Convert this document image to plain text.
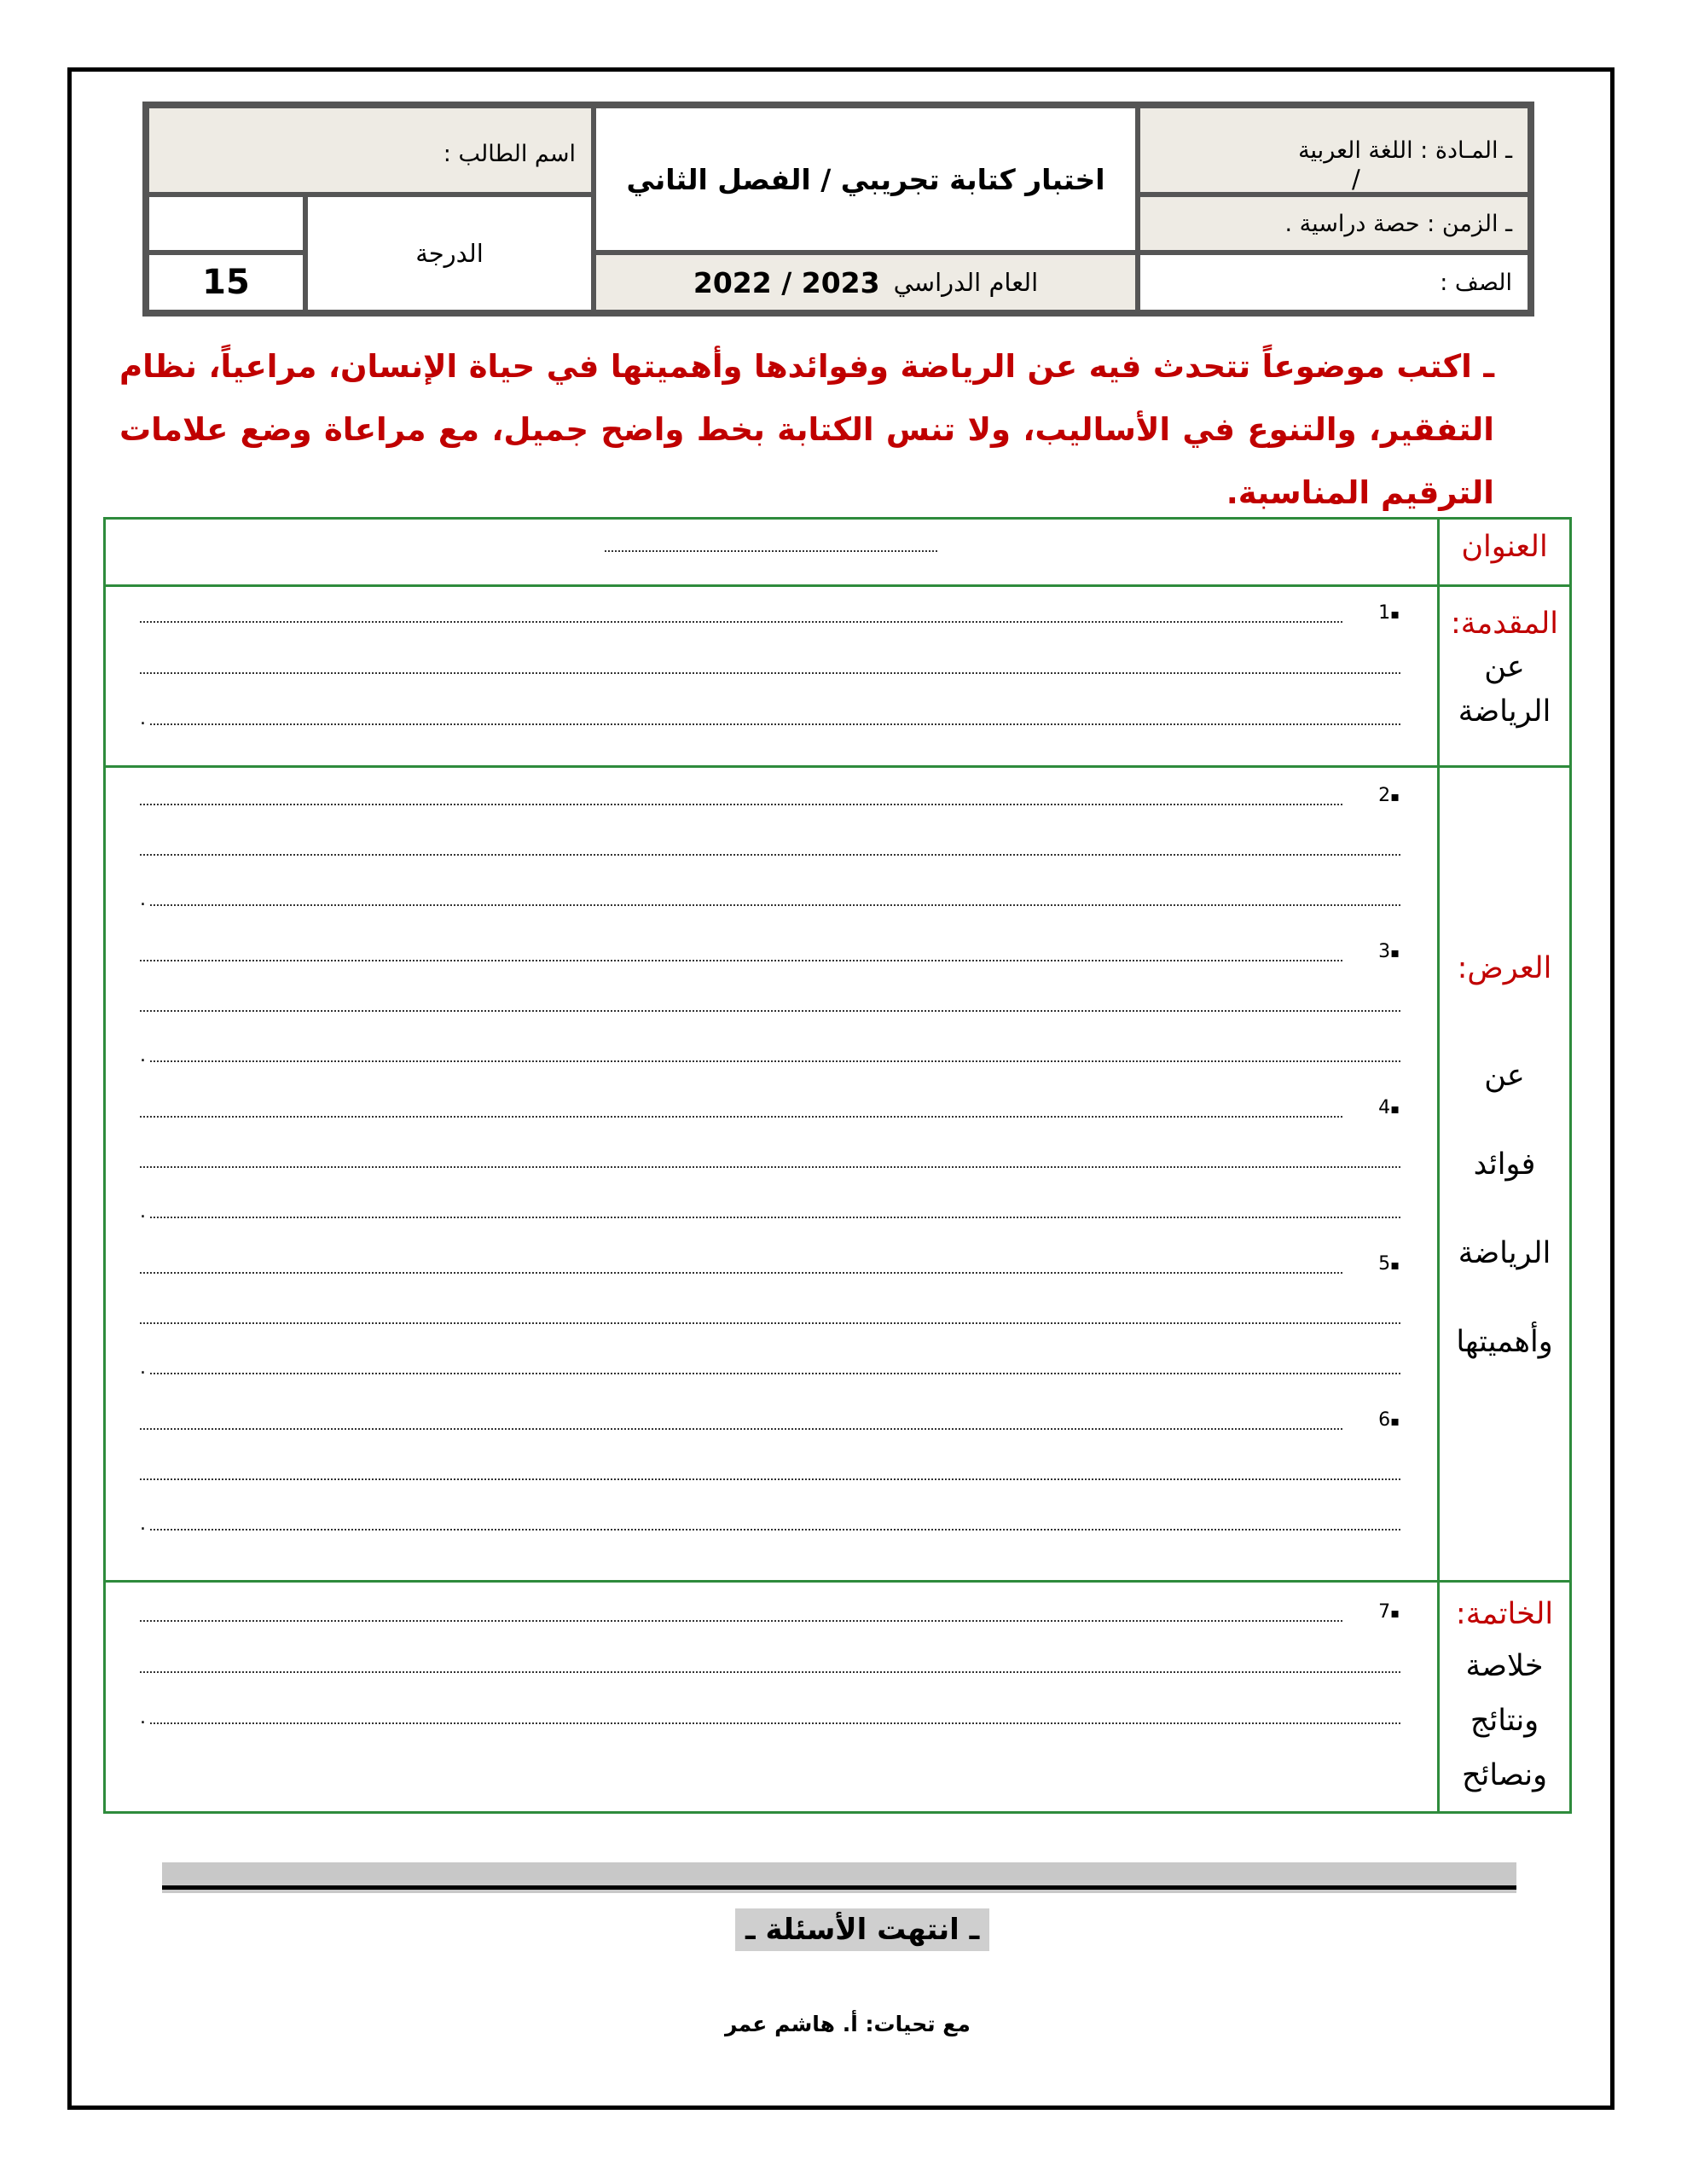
ـ المـادة : اللغة العربية
ـ الزمن : حصة دراسية .
الصف :
اختبار كتابة تجريبي / الفصل الثاني
العام الدراسي
2022 / 2023
اسم الطالب :
الدرجة
15
/
ـ اكتب موضوعاً تتحدث فيه عن الرياضة وفوائدها وأهميتها في حياة الإنسان، مراعياً، نظام التفقير، والتنوع في الأساليب، ولا تنس الكتابة بخط واضح جميل، مع مراعاة وضع علامات الترقيم المناسبة.
العنوان
المقدمة:
عن
الرياضة
1 ▪
.
العرض:
عن
فوائد
الرياضة
وأهميتها
2 ▪
.
3 ▪
.
4 ▪
.
5 ▪
.
6 ▪
.
الخاتمة:
خلاصة
ونتائج
ونصائح
7 ▪
.
ـ انتهت الأسئلة ـ
مع تحيات: أ. هاشم عمر
